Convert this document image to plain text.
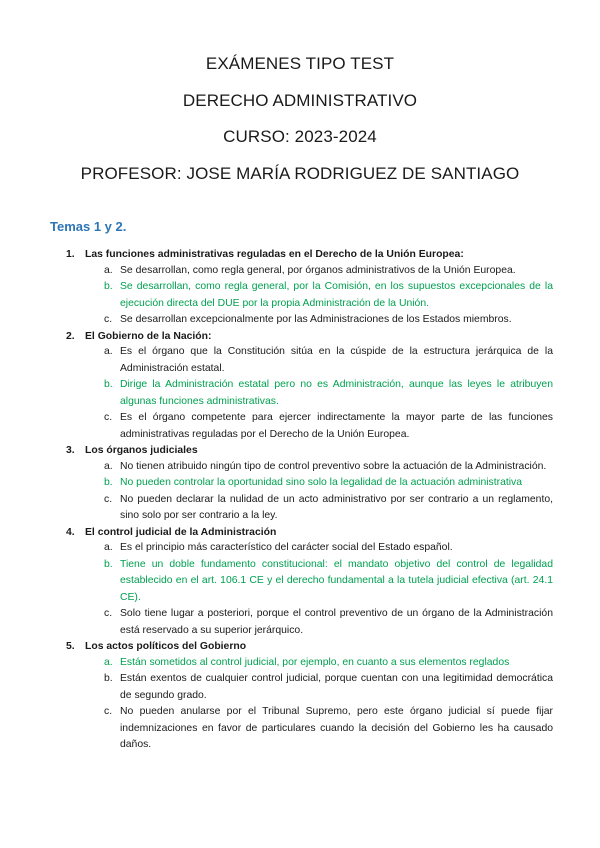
EXÁMENES TIPO TEST
DERECHO ADMINISTRATIVO
CURSO: 2023-2024
PROFESOR: JOSE MARÍA RODRIGUEZ DE SANTIAGO
Temas 1 y 2.
1. Las funciones administrativas reguladas en el Derecho de la Unión Europea:
a. Se desarrollan, como regla general, por órganos administrativos de la Unión Europea.
b. Se desarrollan, como regla general, por la Comisión, en los supuestos excepcionales de la ejecución directa del DUE por la propia Administración de la Unión.
c. Se desarrollan excepcionalmente por las Administraciones de los Estados miembros.
2. El Gobierno de la Nación:
a. Es el órgano que la Constitución sitúa en la cúspide de la estructura jerárquica de la Administración estatal.
b. Dirige la Administración estatal pero no es Administración, aunque las leyes le atribuyen algunas funciones administrativas.
c. Es el órgano competente para ejercer indirectamente la mayor parte de las funciones administrativas reguladas por el Derecho de la Unión Europea.
3. Los órganos judiciales
a. No tienen atribuido ningún tipo de control preventivo sobre la actuación de la Administración.
b. No pueden controlar la oportunidad sino solo la legalidad de la actuación administrativa
c. No pueden declarar la nulidad de un acto administrativo por ser contrario a un reglamento, sino solo por ser contrario a la ley.
4. El control judicial de la Administración
a. Es el principio más característico del carácter social del Estado español.
b. Tiene un doble fundamento constitucional: el mandato objetivo del control de legalidad establecido en el art. 106.1 CE y el derecho fundamental a la tutela judicial efectiva (art. 24.1 CE).
c. Solo tiene lugar a posteriori, porque el control preventivo de un órgano de la Administración está reservado a su superior jerárquico.
5. Los actos políticos del Gobierno
a. Están sometidos al control judicial, por ejemplo, en cuanto a sus elementos reglados
b. Están exentos de cualquier control judicial, porque cuentan con una legitimidad democrática de segundo grado.
c. No pueden anularse por el Tribunal Supremo, pero este órgano judicial sí puede fijar indemnizaciones en favor de particulares cuando la decisión del Gobierno les ha causado daños.
